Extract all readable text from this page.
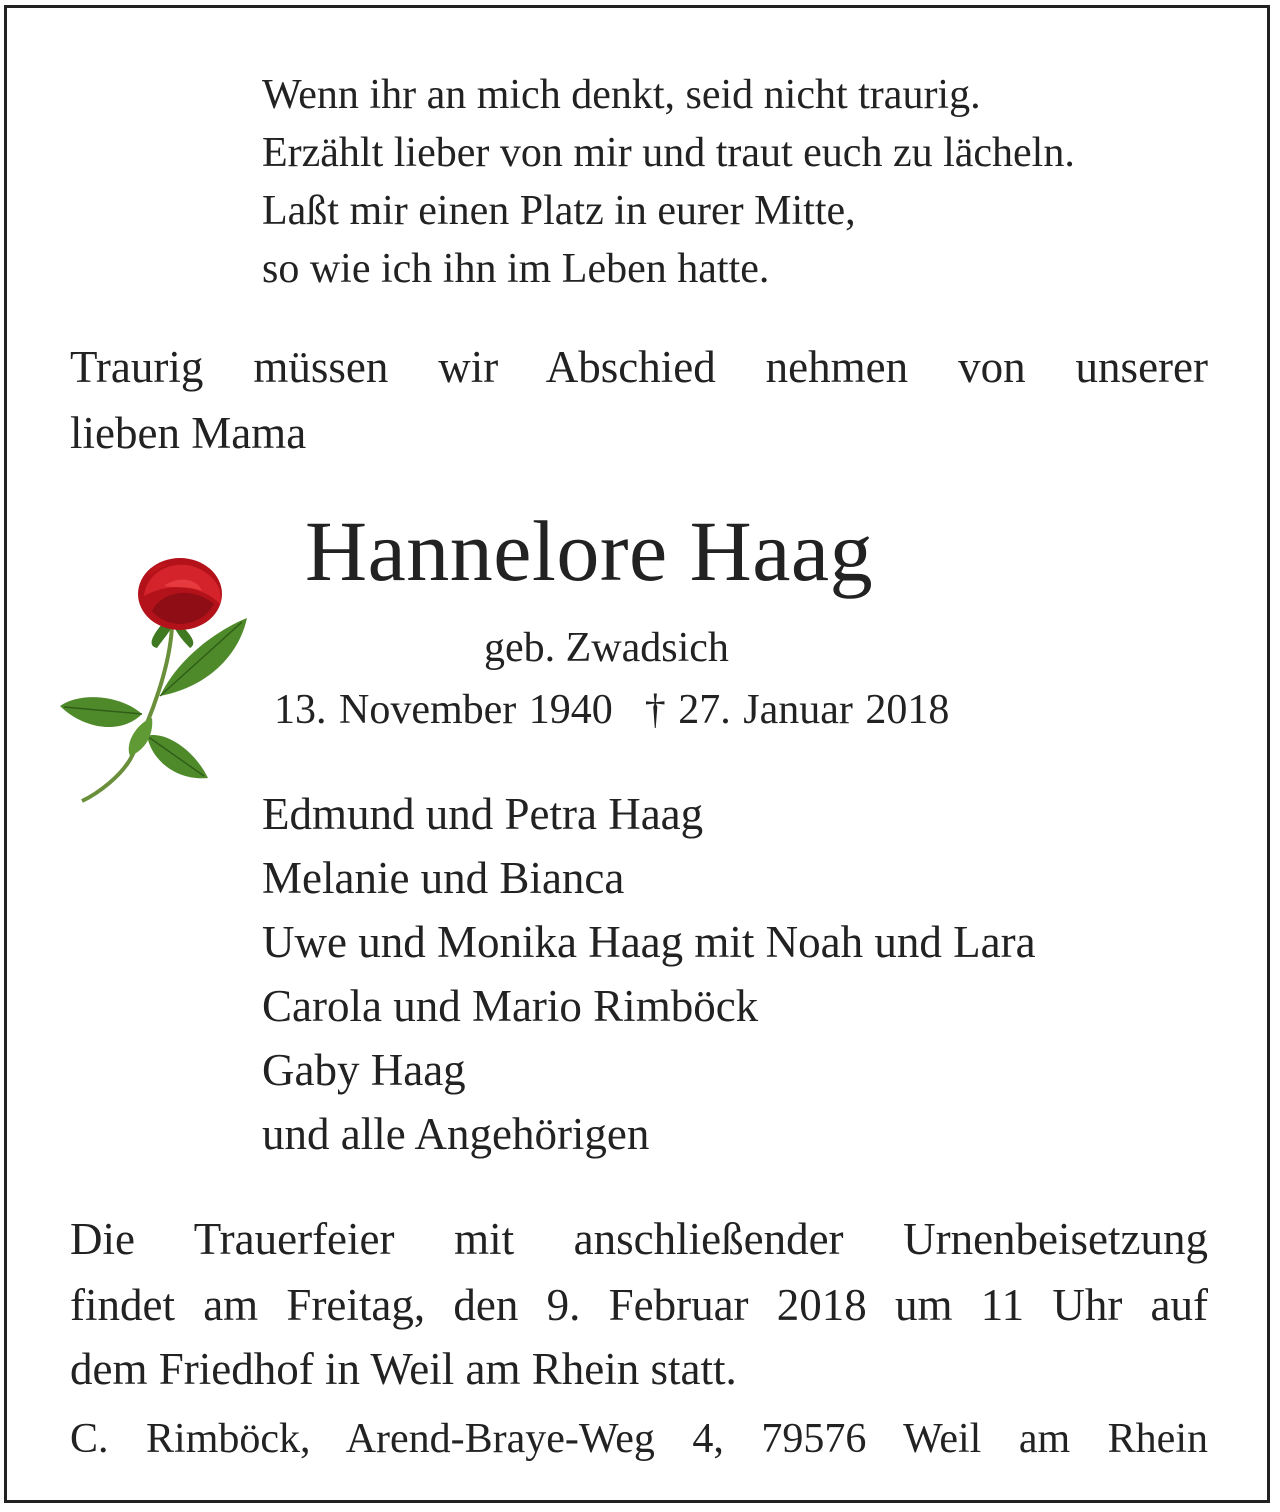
Wenn ihr an mich denkt, seid nicht traurig.
Erzählt lieber von mir und traut euch zu lächeln.
Laßt mir einen Platz in eurer Mitte,
so wie ich ihn im Leben hatte.
Traurig müssen wir Abschied nehmen von unserer
lieben Mama
Hannelore Haag
geb. Zwadsich
13. November 1940 † 27. Januar 2018
Edmund und Petra Haag
Melanie und Bianca
Uwe und Monika Haag mit Noah und Lara
Carola und Mario Rimböck
Gaby Haag
und alle Angehörigen
Die Trauerfeier mit anschließender Urnenbeisetzung
findet am Freitag, den 9. Februar 2018 um 11 Uhr auf
dem Friedhof in Weil am Rhein statt.
C. Rimböck, Arend-Braye-Weg 4, 79576 Weil am Rhein
